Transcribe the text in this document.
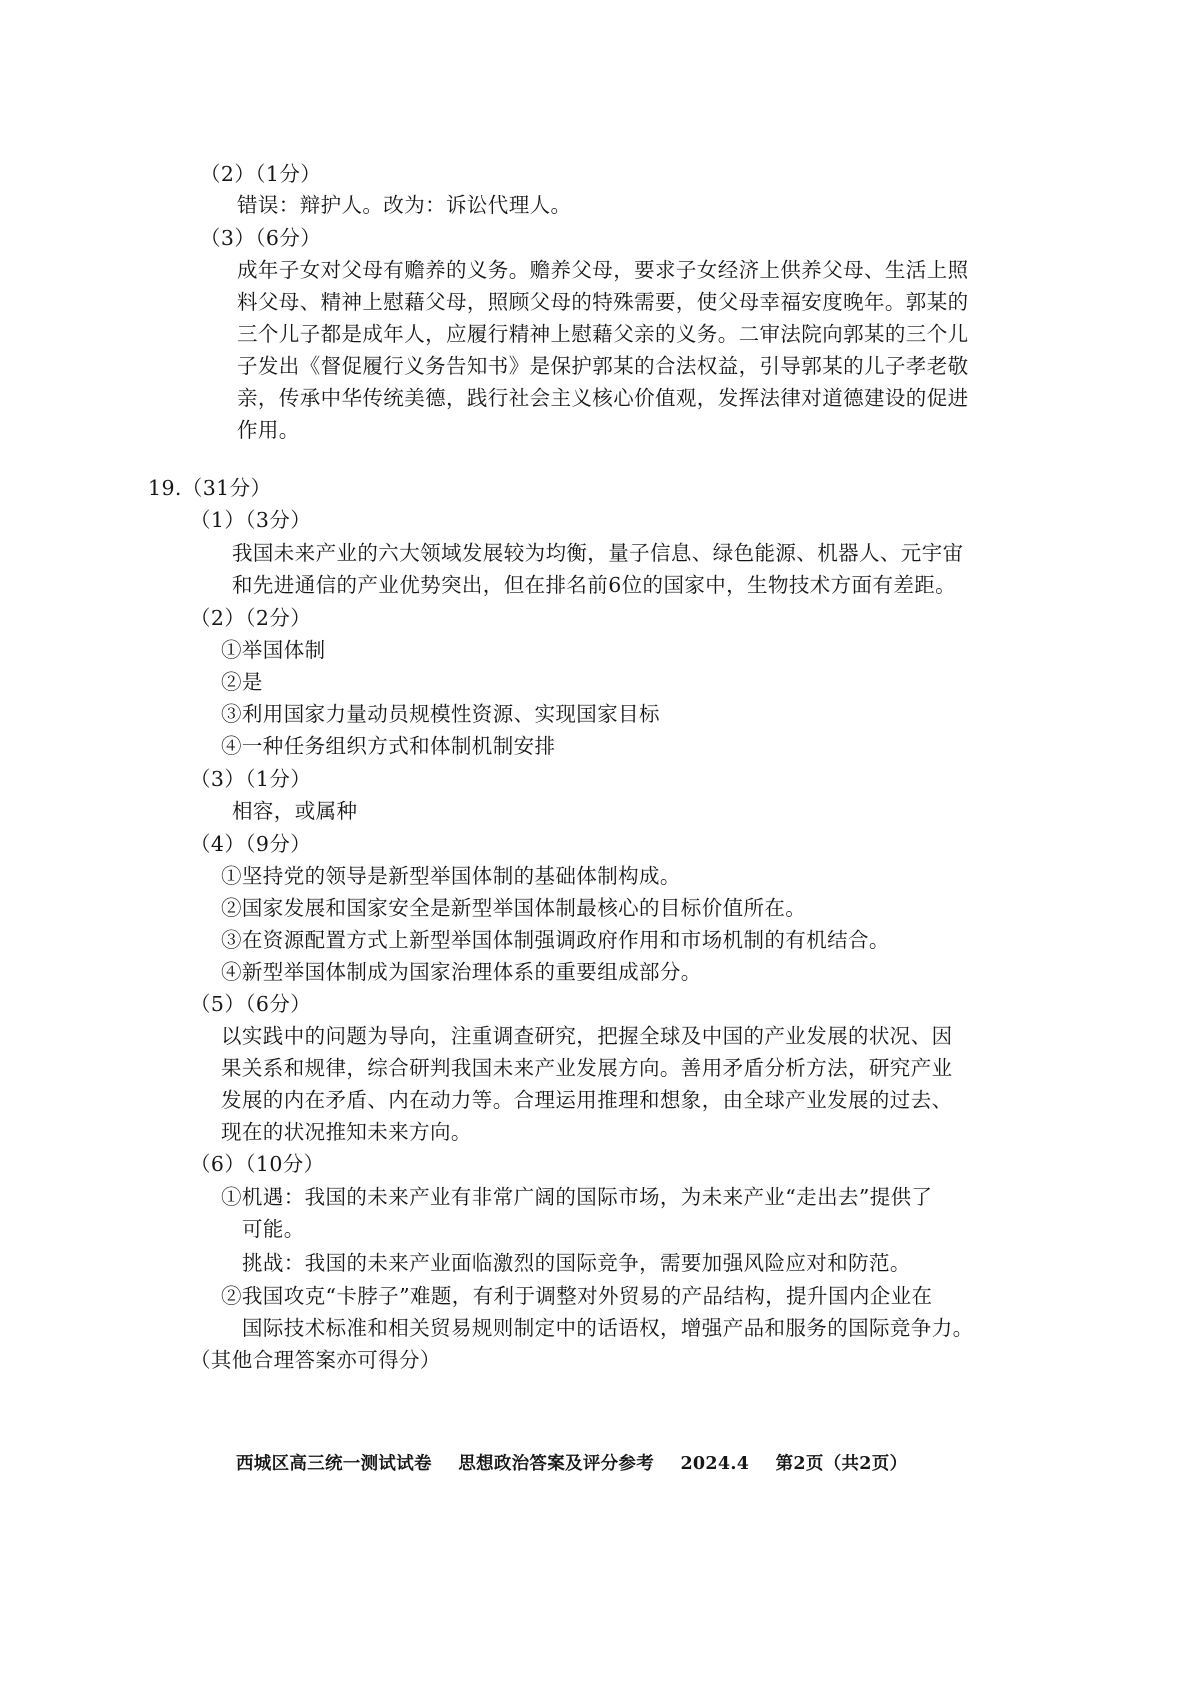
（2）（1分）
错误：辩护人。改为：诉讼代理人。
（3）（6分）
成年子女对父母有赡养的义务。赡养父母，要求子女经济上供养父母、生活上照
料父母、精神上慰藉父母，照顾父母的特殊需要，使父母幸福安度晚年。郭某的
三个儿子都是成年人，应履行精神上慰藉父亲的义务。二审法院向郭某的三个儿
子发出《督促履行义务告知书》是保护郭某的合法权益，引导郭某的儿子孝老敬
亲，传承中华传统美德，践行社会主义核心价值观，发挥法律对道德建设的促进
作用。
19.（31分）
（1）（3分）
我国未来产业的六大领域发展较为均衡，量子信息、绿色能源、机器人、元宇宙
和先进通信的产业优势突出，但在排名前6位的国家中，生物技术方面有差距。
（2）（2分）
①举国体制
②是
③利用国家力量动员规模性资源、实现国家目标
④一种任务组织方式和体制机制安排
（3）（1分）
相容，或属种
（4）（9分）
①坚持党的领导是新型举国体制的基础体制构成。
②国家发展和国家安全是新型举国体制最核心的目标价值所在。
③在资源配置方式上新型举国体制强调政府作用和市场机制的有机结合。
④新型举国体制成为国家治理体系的重要组成部分。
（5）（6分）
以实践中的问题为导向，注重调查研究，把握全球及中国的产业发展的状况、因
果关系和规律，综合研判我国未来产业发展方向。善用矛盾分析方法，研究产业
发展的内在矛盾、内在动力等。合理运用推理和想象，由全球产业发展的过去、
现在的状况推知未来方向。
（6）（10分）
①机遇：我国的未来产业有非常广阔的国际市场，为未来产业“走出去”提供了
可能。
挑战：我国的未来产业面临激烈的国际竞争，需要加强风险应对和防范。
②我国攻克“卡脖子”难题，有利于调整对外贸易的产品结构，提升国内企业在
国际技术标准和相关贸易规则制定中的话语权，增强产品和服务的国际竞争力。
（其他合理答案亦可得分）
西城区高三统一测试试卷 思想政治答案及评分参考 2024.4 第2页（共2页）
